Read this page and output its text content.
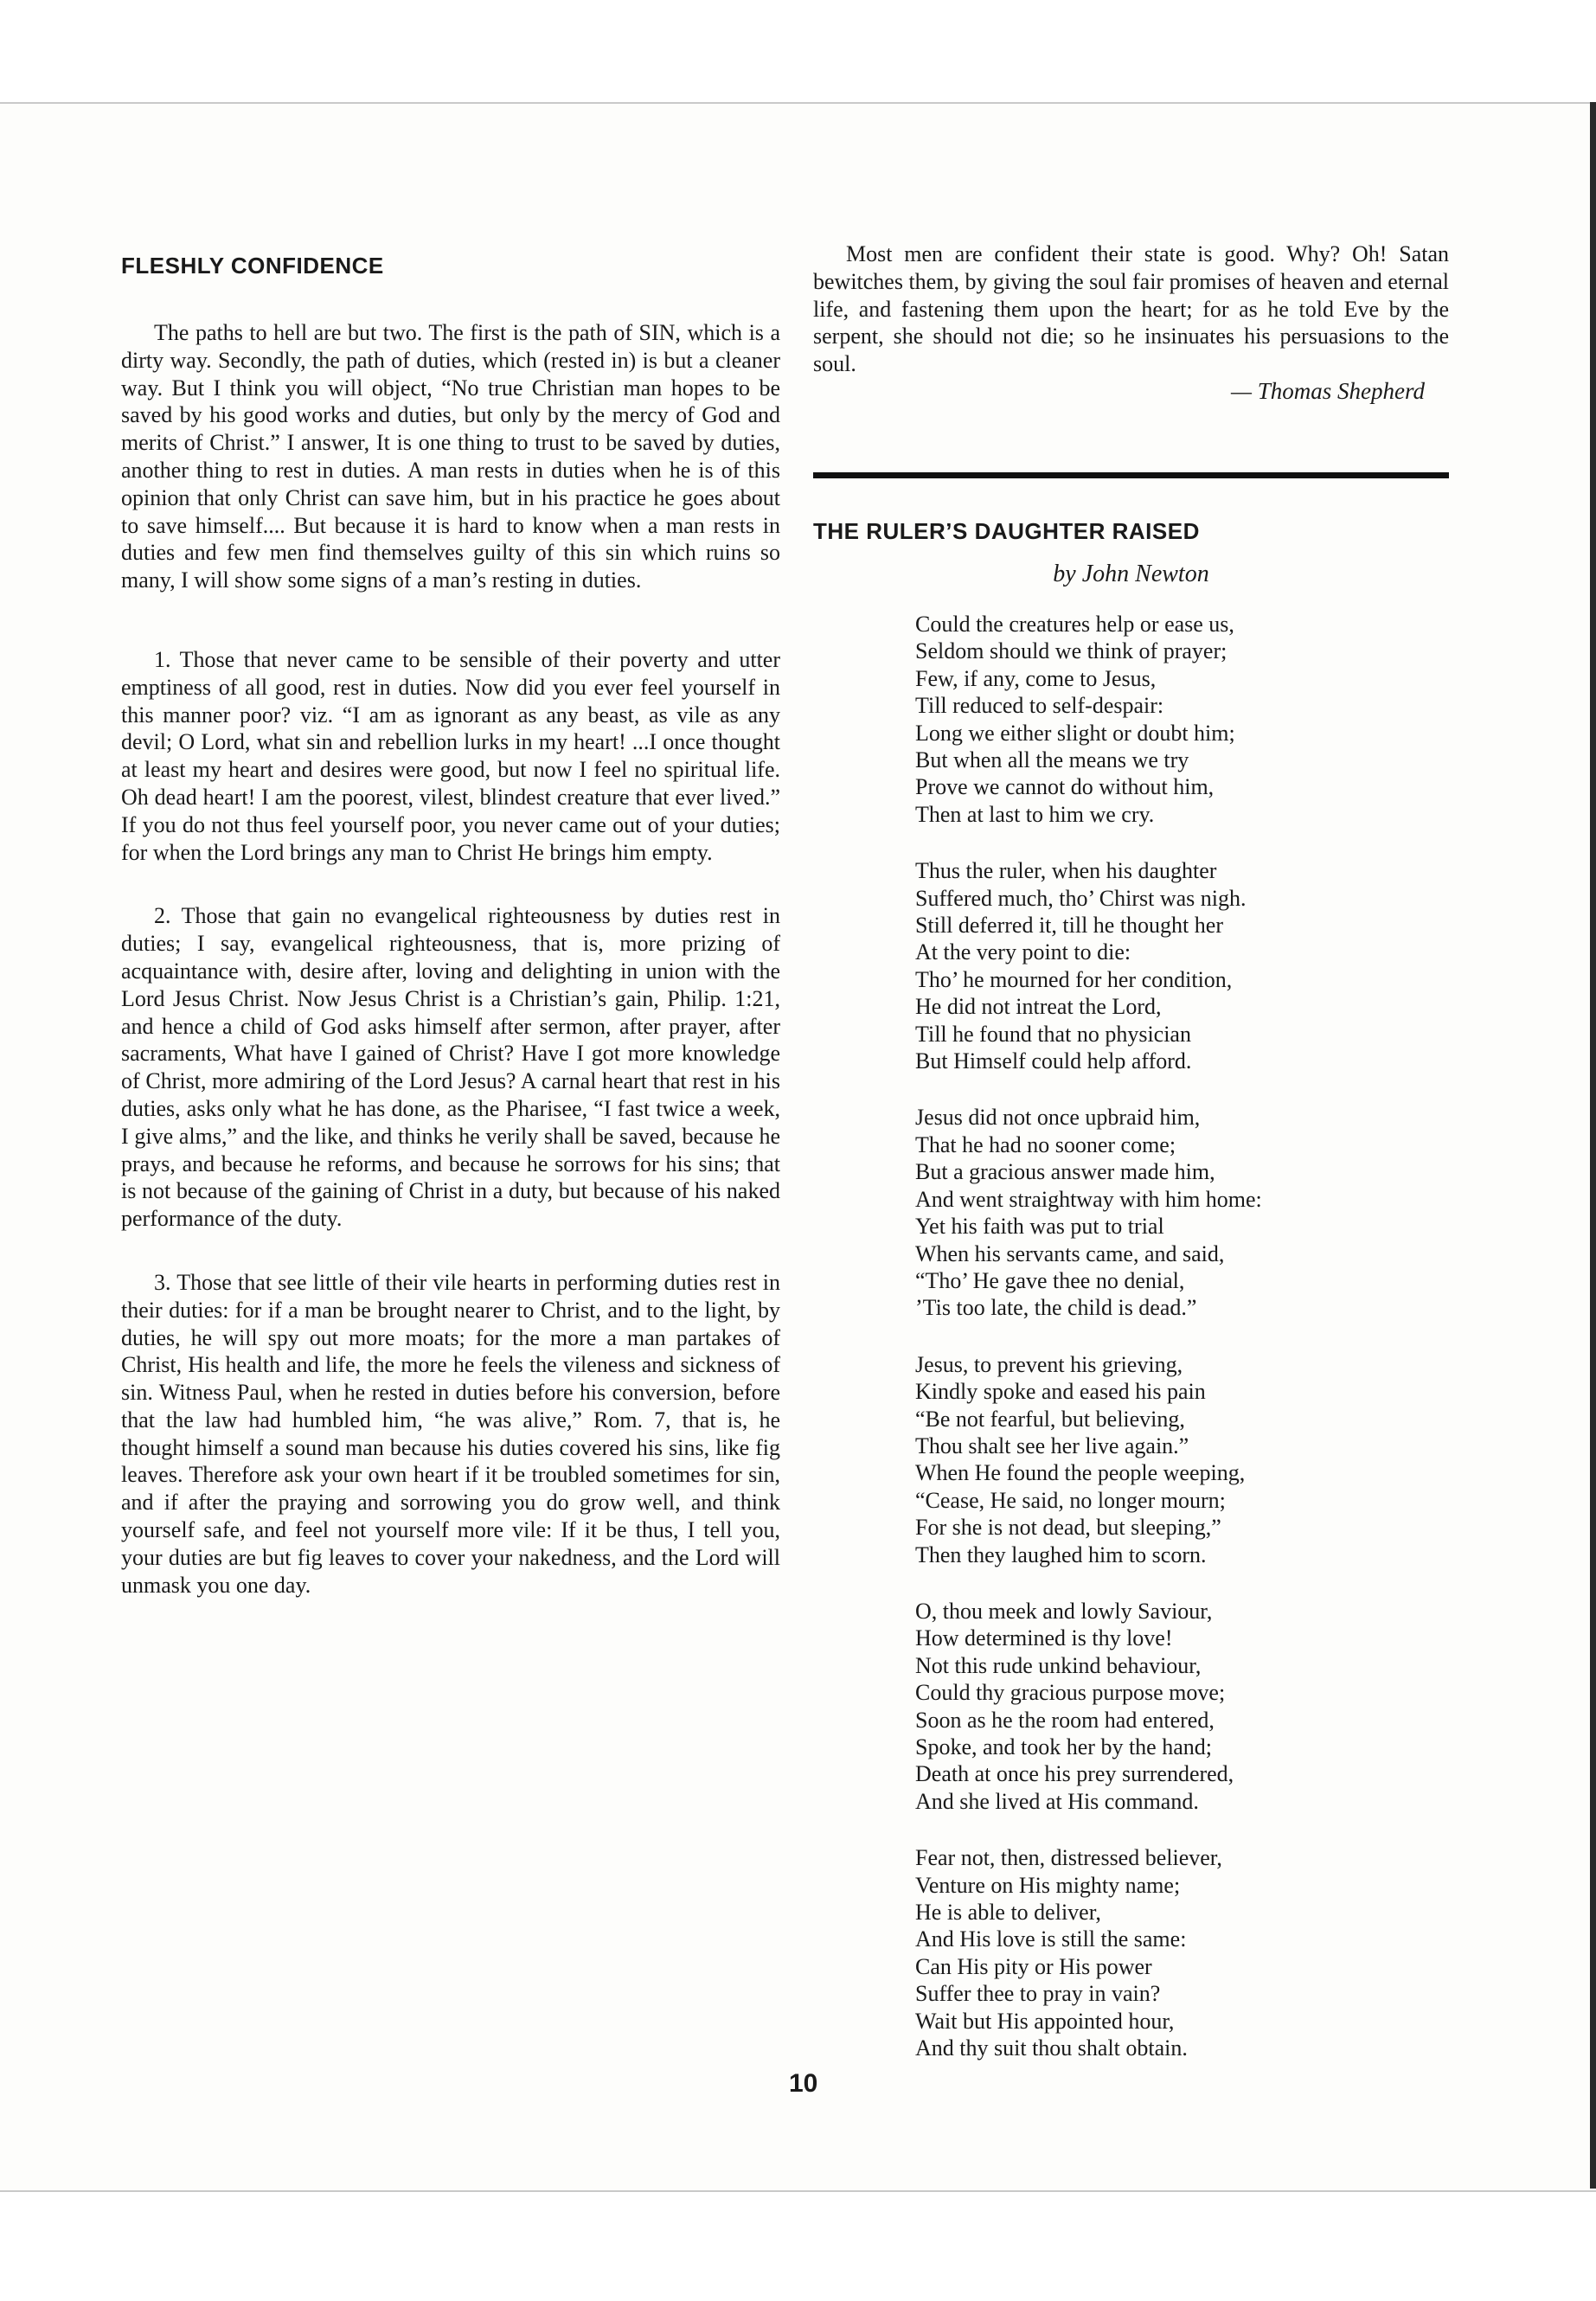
FLESHLY CONFIDENCE

The paths to hell are but two. The first is the path of SIN, which is a dirty way. Secondly, the path of duties, which (rested in) is but a cleaner way. But I think you will object, “No true Christian man hopes to be saved by his good works and duties, but only by the mercy of God and merits of Christ.” I answer, It is one thing to trust to be saved by duties, another thing to rest in duties. A man rests in duties when he is of this opinion that only Christ can save him, but in his practice he goes about to save himself.... But because it is hard to know when a man rests in duties and few men find themselves guilty of this sin which ruins so many, I will show some signs of a man’s resting in duties.

1. Those that never came to be sensible of their poverty and utter emptiness of all good, rest in duties. Now did you ever feel yourself in this manner poor? viz. “I am as ignorant as any beast, as vile as any devil; O Lord, what sin and rebellion lurks in my heart! ...I once thought at least my heart and desires were good, but now I feel no spiritual life. Oh dead heart! I am the poorest, vilest, blindest creature that ever lived.” If you do not thus feel yourself poor, you never came out of your duties; for when the Lord brings any man to Christ He brings him empty.

2. Those that gain no evangelical righteousness by duties rest in duties; I say, evangelical righteousness, that is, more prizing of acquaintance with, desire after, loving and delighting in union with the Lord Jesus Christ. Now Jesus Christ is a Christian’s gain, Philip. 1:21, and hence a child of God asks himself after sermon, after prayer, after sacraments, What have I gained of Christ? Have I got more knowledge of Christ, more admiring of the Lord Jesus? A carnal heart that rest in his duties, asks only what he has done, as the Pharisee, “I fast twice a week, I give alms,” and the like, and thinks he verily shall be saved, because he prays, and because he reforms, and because he sorrows for his sins; that is not because of the gaining of Christ in a duty, but because of his naked performance of the duty.

3. Those that see little of their vile hearts in performing duties rest in their duties: for if a man be brought nearer to Christ, and to the light, by duties, he will spy out more moats; for the more a man partakes of Christ, His health and life, the more he feels the vileness and sickness of sin. Witness Paul, when he rested in duties before his conversion, before that the law had humbled him, “he was alive,” Rom. 7, that is, he thought himself a sound man because his duties covered his sins, like fig leaves. Therefore ask your own heart if it be troubled sometimes for sin, and if after the praying and sorrowing you do grow well, and think yourself safe, and feel not yourself more vile: If it be thus, I tell you, your duties are but fig leaves to cover your nakedness, and the Lord will unmask you one day.

Most men are confident their state is good. Why? Oh! Satan bewitches them, by giving the soul fair promises of heaven and eternal life, and fastening them upon the heart; for as he told Eve by the serpent, she should not die; so he insinuates his persuasions to the soul.

— Thomas Shepherd

THE RULER’S DAUGHTER RAISED

by John Newton

Could the creatures help or ease us,
Seldom should we think of prayer;
Few, if any, come to Jesus,
Till reduced to self-despair:
Long we either slight or doubt him;
But when all the means we try
Prove we cannot do without him,
Then at last to him we cry.
Thus the ruler, when his daughter
Suffered much, tho’ Chirst was nigh.
Still deferred it, till he thought her
At the very point to die:
Tho’ he mourned for her condition,
He did not intreat the Lord,
Till he found that no physician
But Himself could help afford.
Jesus did not once upbraid him,
That he had no sooner come;
But a gracious answer made him,
And went straightway with him home:
Yet his faith was put to trial
When his servants came, and said,
“Tho’ He gave thee no denial,
’Tis too late, the child is dead.”
Jesus, to prevent his grieving,
Kindly spoke and eased his pain
“Be not fearful, but believing,
Thou shalt see her live again.”
When He found the people weeping,
“Cease, He said, no longer mourn;
For she is not dead, but sleeping,”
Then they laughed him to scorn.
O, thou meek and lowly Saviour,
How determined is thy love!
Not this rude unkind behaviour,
Could thy gracious purpose move;
Soon as he the room had entered,
Spoke, and took her by the hand;
Death at once his prey surrendered,
And she lived at His command.
Fear not, then, distressed believer,
Venture on His mighty name;
He is able to deliver,
And His love is still the same:
Can His pity or His power
Suffer thee to pray in vain?
Wait but His appointed hour,
And thy suit thou shalt obtain.
10
